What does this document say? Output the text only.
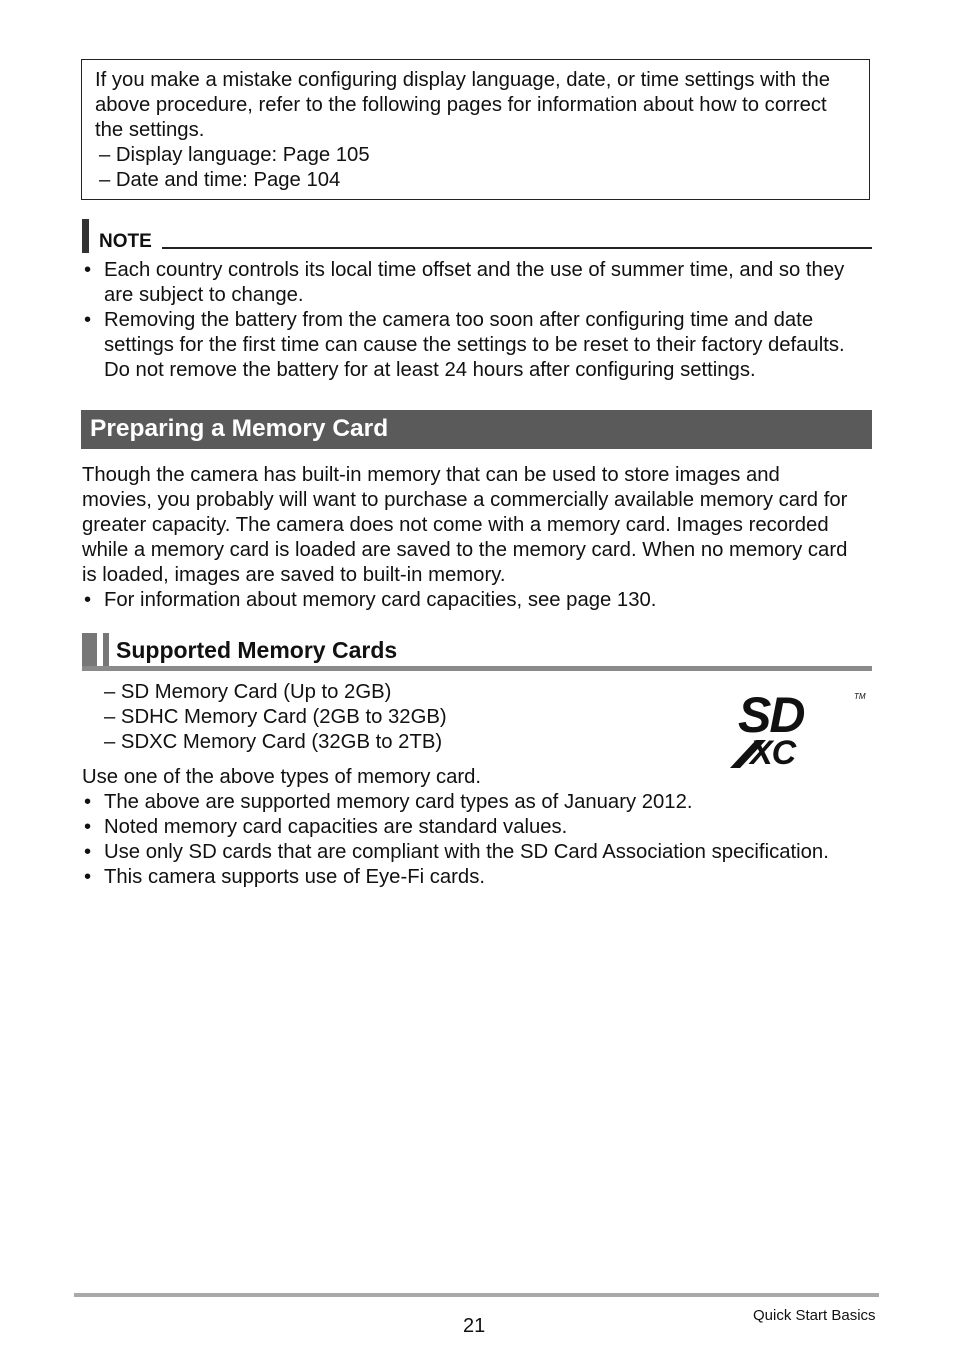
If you make a mistake configuring display language, date, or time settings with the
above procedure, refer to the following pages for information about how to correct
the settings.
– Display language: Page 105
– Date and time: Page 104
NOTE
• Each country controls its local time offset and the use of summer time, and so they
are subject to change.
• Removing the battery from the camera too soon after configuring time and date
settings for the first time can cause the settings to be reset to their factory defaults.
Do not remove the battery for at least 24 hours after configuring settings.
Preparing a Memory Card
Though the camera has built-in memory that can be used to store images and
movies, you probably will want to purchase a commercially available memory card for
greater capacity. The camera does not come with a memory card. Images recorded
while a memory card is loaded are saved to the memory card. When no memory card
is loaded, images are saved to built-in memory.
• For information about memory card capacities, see page 130.
Supported Memory Cards
– SD Memory Card (Up to 2GB)
– SDHC Memory Card (2GB to 32GB)
– SDXC Memory Card (32GB to 2TB)	SD	TM
XC
Use one of the above types of memory card.
• The above are supported memory card types as of January 2012.
• Noted memory card capacities are standard values.
• Use only SD cards that are compliant with the SD Card Association specification.
• This camera supports use of Eye-Fi cards.
21	Quick Start Basics
